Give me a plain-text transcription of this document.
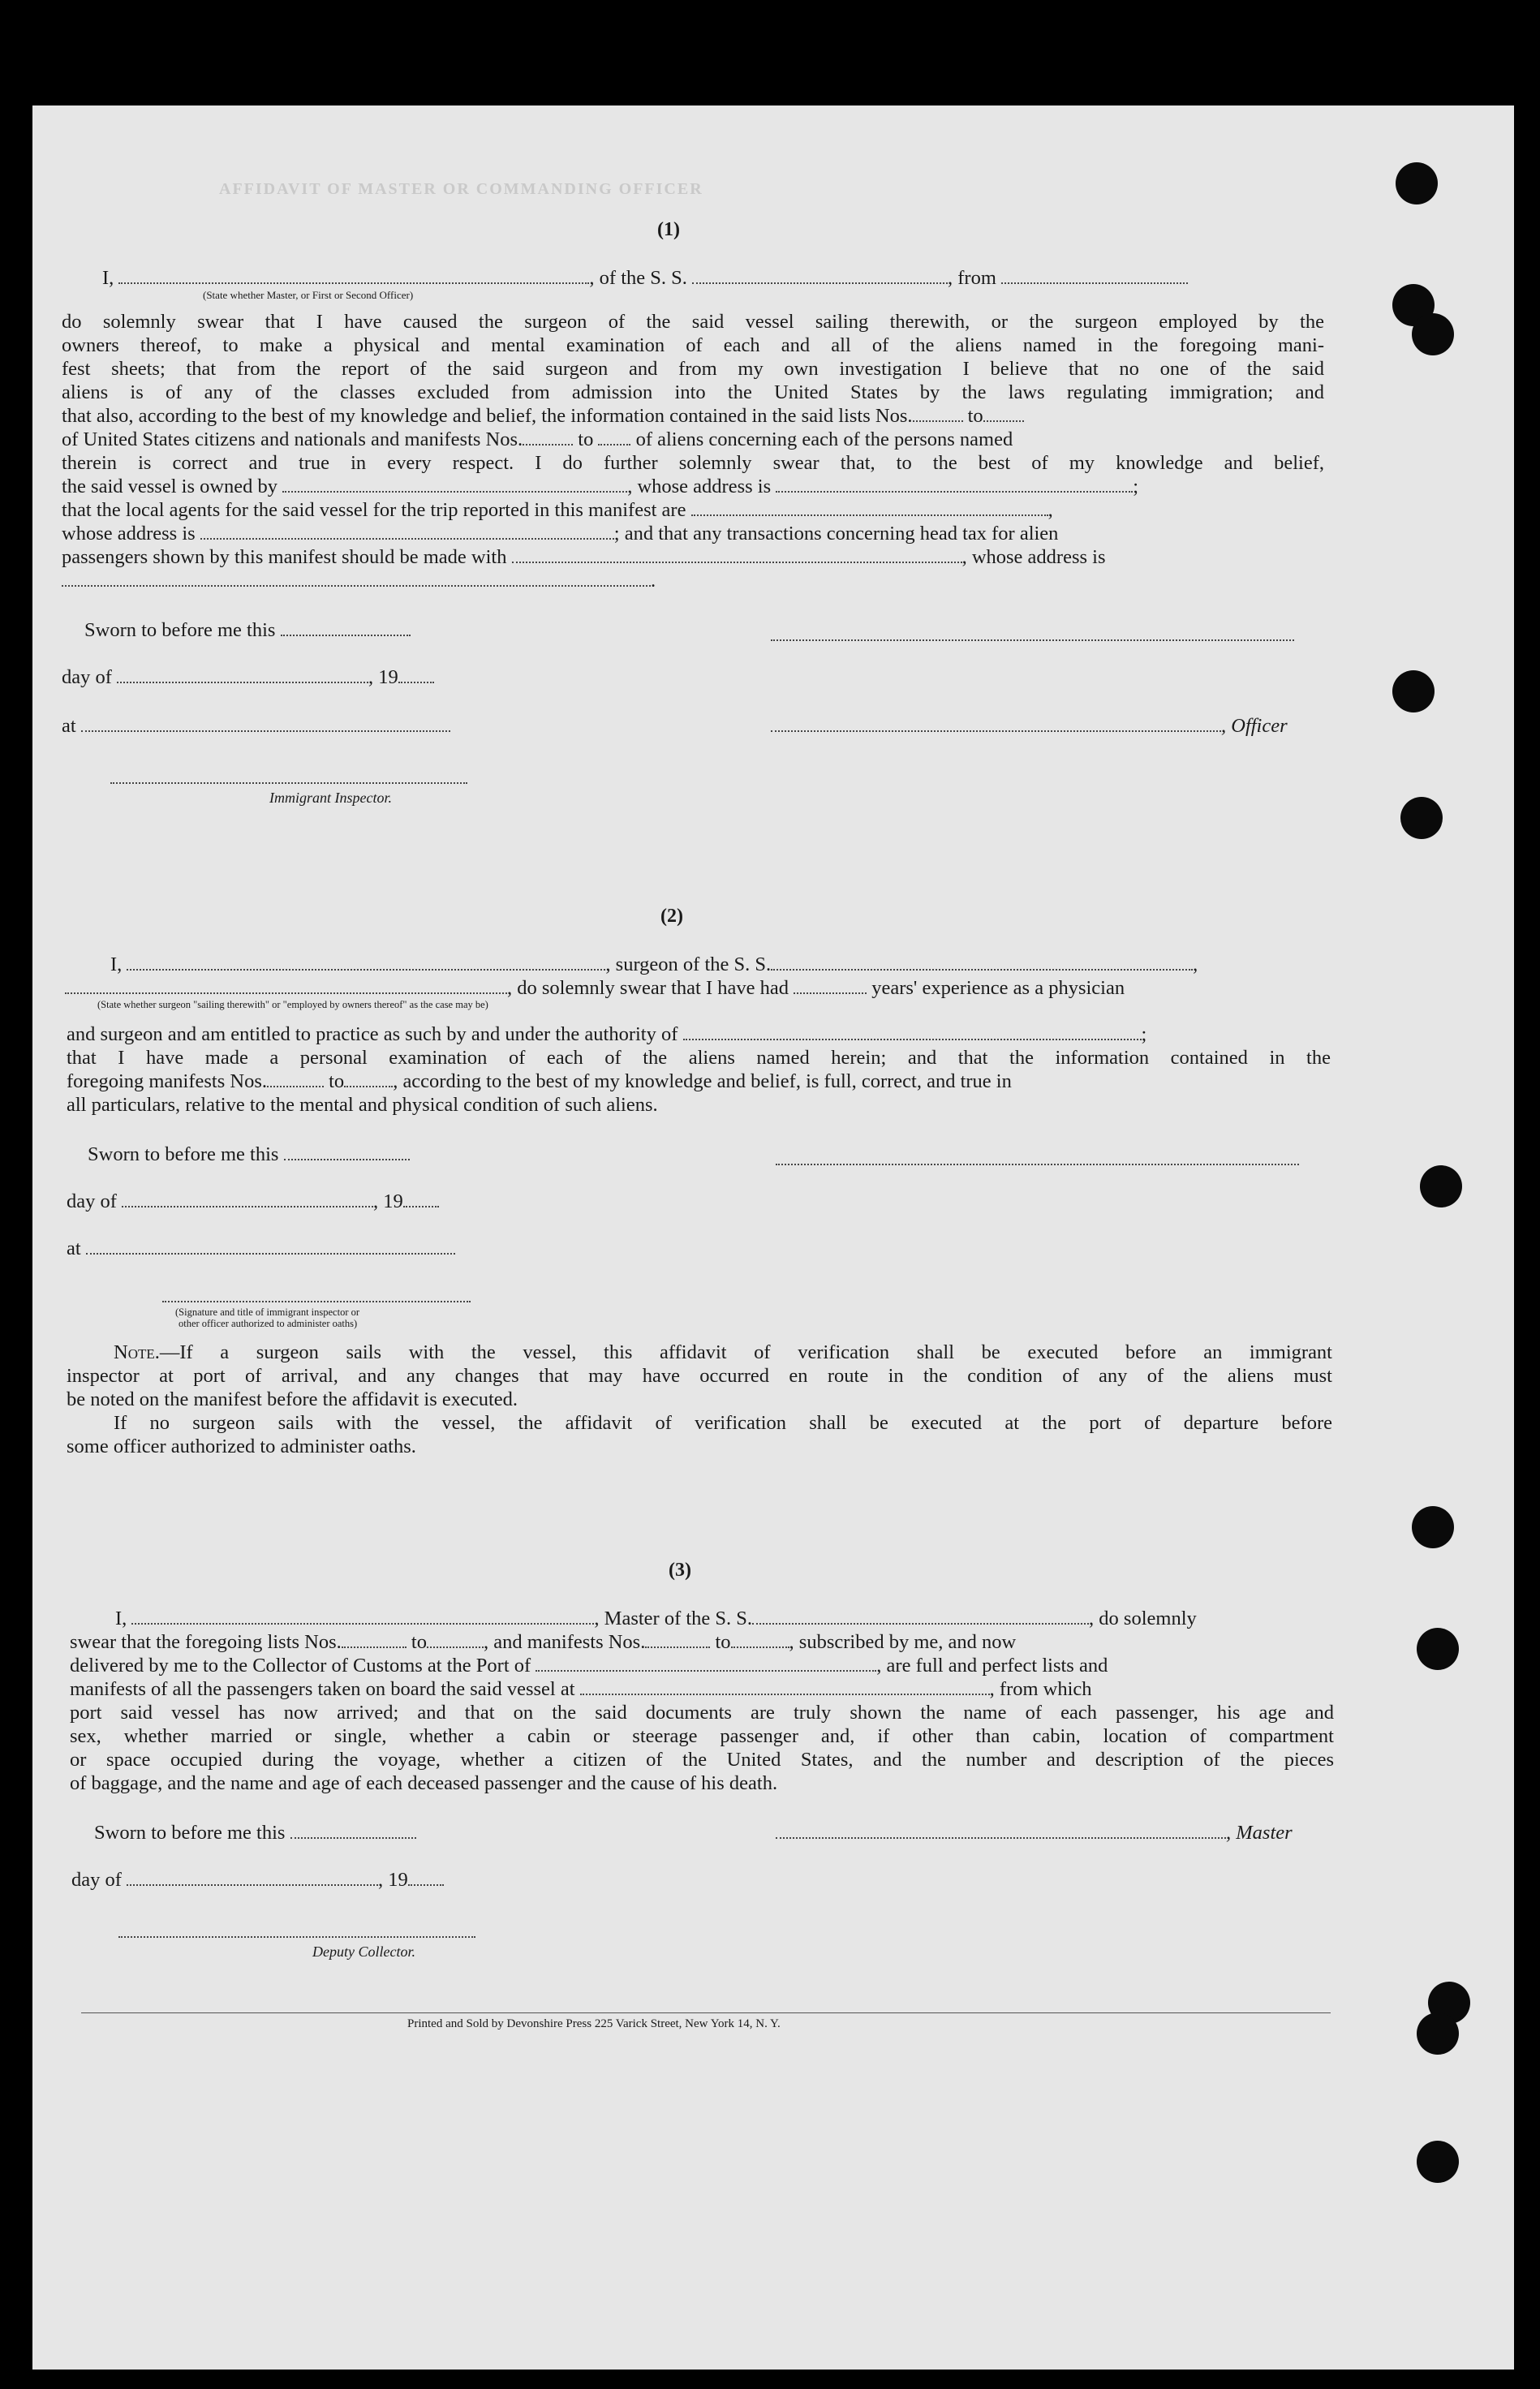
AFFIDAVIT OF MASTER OR COMMANDING OFFICER
(1)
I,	, of the S. S.	, from
(State whether Master, or First or Second Officer)
do solemnly swear that I have caused the surgeon of the said vessel sailing therewith, or the surgeon employed by the
owners thereof, to make a physical and mental examination of each and all of the aliens named in the foregoing mani-
fest sheets; that from the report of the said surgeon and from my own investigation I believe that no one of the said
aliens is of any of the classes excluded from admission into the United States by the laws regulating immigration; and
that also, according to the best of my knowledge and belief, the information contained in the said lists Nos.	to
of United States citizens and nationals and manifests Nos.	to of aliens concerning each of the persons named
therein is correct and true in every respect. I do further solemnly swear that, to the best of my knowledge and belief,
the said vessel is owned by	, whose address is	;
that the local agents for the said vessel for the trip reported in this manifest are	,
whose address is	; and that any transactions concerning head tax for alien
passengers shown by this manifest should be made with	, whose address is
.
Sworn to before me this
day of	, 19
at	, Officer
Immigrant Inspector.
(2)
I,	, surgeon of the S. S.	,
, do solemnly swear that I have had	years' experience as a physician
(State whether surgeon "sailing therewith" or "employed by owners thereof" as the case may be)
and surgeon and am entitled to practice as such by and under the authority of	;
that I have made a personal examination of each of the aliens named herein; and that the information contained in the
foregoing manifests Nos.	to , according to the best of my knowledge and belief, is full, correct, and true in
all particulars, relative to the mental and physical condition of such aliens.
Sworn to before me this
day of	, 19
at
(Signature and title of immigrant inspector or
other officer authorized to administer oaths)
Note.—If a surgeon sails with the vessel, this affidavit of verification shall be executed before an immigrant
inspector at port of arrival, and any changes that may have occurred en route in the condition of any of the aliens must
be noted on the manifest before the affidavit is executed.
If no surgeon sails with the vessel, the affidavit of verification shall be executed at the port of departure before
some officer authorized to administer oaths.
(3)
I,	, Master of the S. S.	, do solemnly
swear that the foregoing lists Nos.	to	, and manifests Nos.	to	, subscribed by me, and now
delivered by me to the Collector of Customs at the Port of	, are full and perfect lists and
manifests of all the passengers taken on board the said vessel at	, from which
port said vessel has now arrived; and that on the said documents are truly shown the name of each passenger, his age and
sex, whether married or single, whether a cabin or steerage passenger and, if other than cabin, location of compartment
or space occupied during the voyage, whether a citizen of the United States, and the number and description of the pieces
of baggage, and the name and age of each deceased passenger and the cause of his death.
Sworn to before me this	, Master
day of	, 19
Deputy Collector.
Printed and Sold by Devonshire Press 225 Varick Street, New York 14, N. Y.
